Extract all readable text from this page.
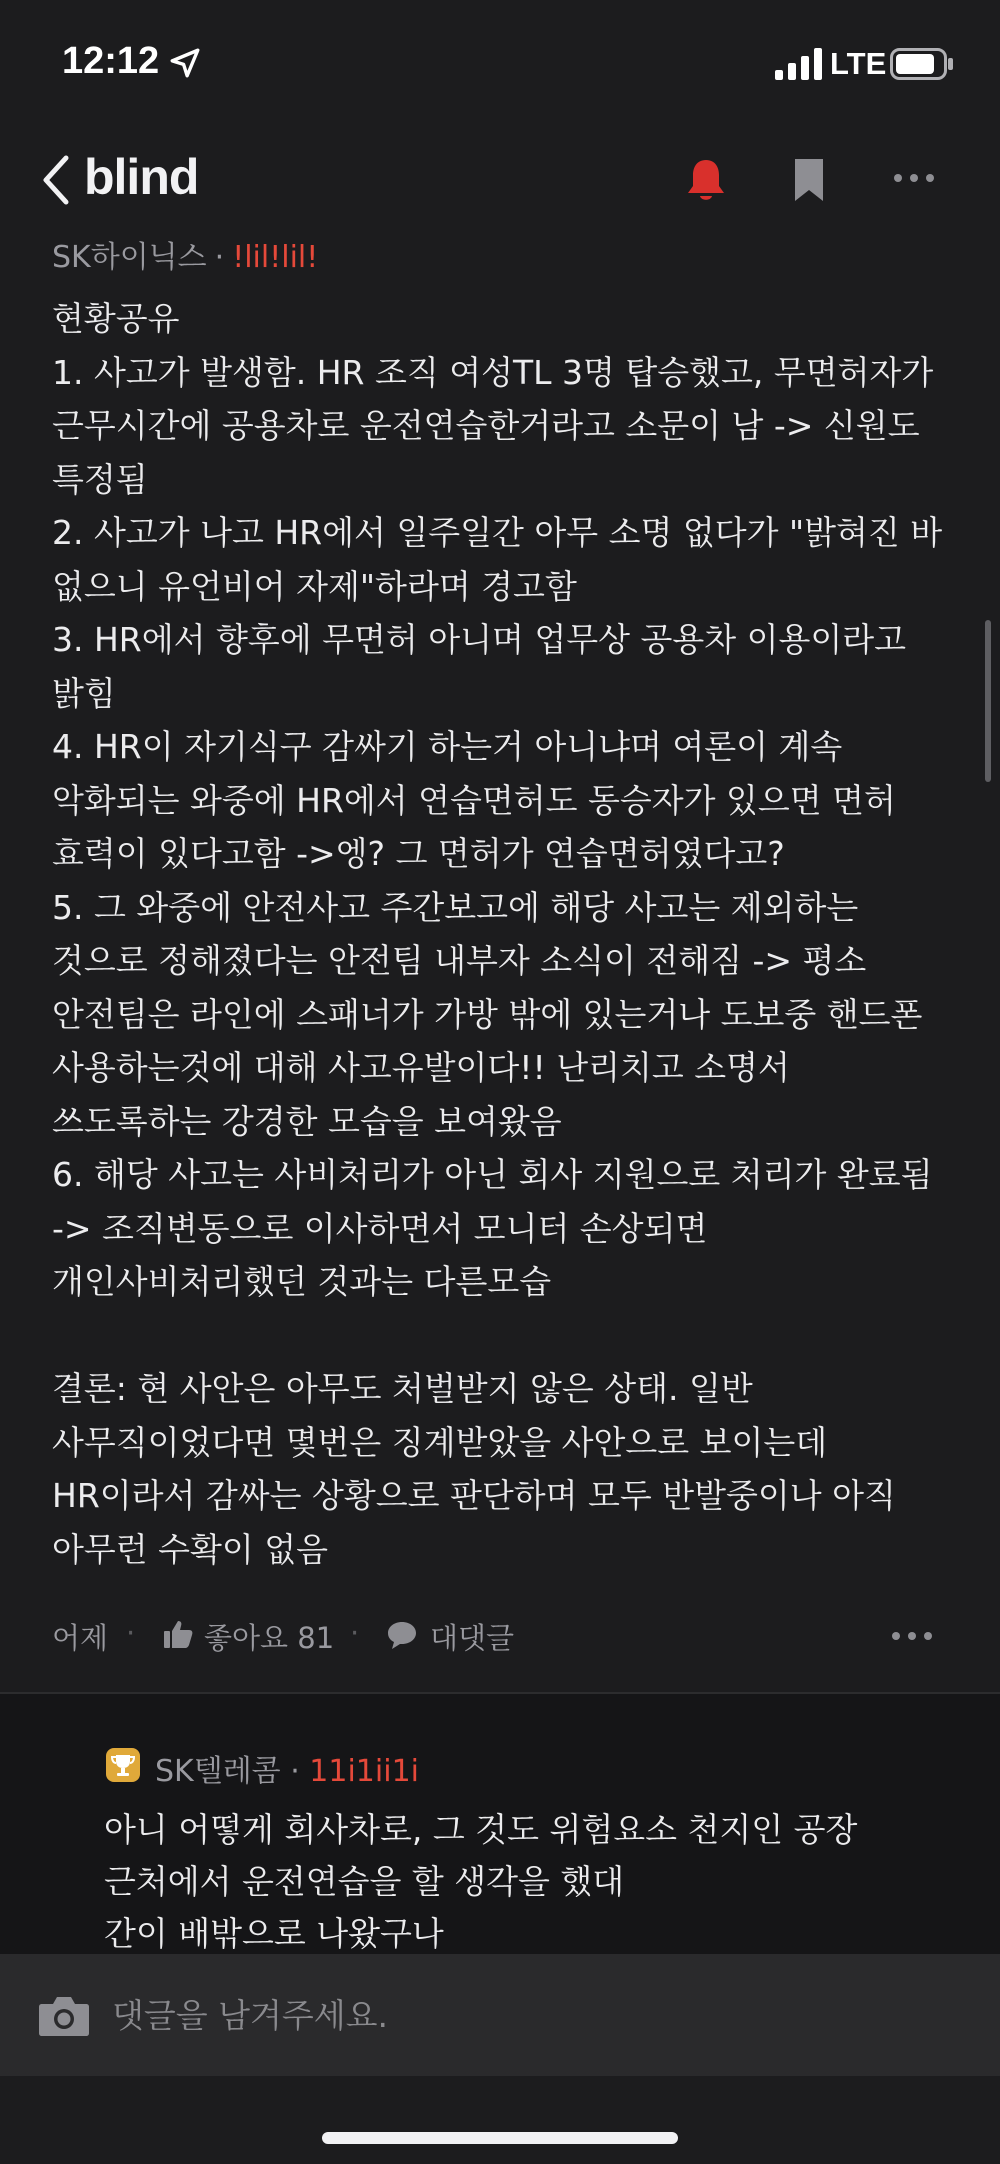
12:12	LTE
blind
SK하이닉스 · !lil!lil!
현황공유
1. 사고가 발생함. HR 조직 여성TL 3명 탑승했고, 무면허자가 근무시간에 공용차로 운전연습한거라고 소문이 남 -> 신원도 특정됨
2. 사고가 나고 HR에서 일주일간 아무 소명 없다가 "밝혀진 바 없으니 유언비어 자제"하라며 경고함
3. HR에서 향후에 무면허 아니며 업무상 공용차 이용이라고 밝힘
4. HR이 자기식구 감싸기 하는거 아니냐며 여론이 계속 악화되는 와중에 HR에서 연습면허도 동승자가 있으면 면허 효력이 있다고함 ->엥? 그 면허가 연습면허였다고?
5. 그 와중에 안전사고 주간보고에 해당 사고는 제외하는 것으로 정해졌다는 안전팀 내부자 소식이 전해짐 -> 평소 안전팀은 라인에 스패너가 가방 밖에 있는거나 도보중 핸드폰 사용하는것에 대해 사고유발이다!! 난리치고 소명서 쓰도록하는 강경한 모습을 보여왔음
6. 해당 사고는 사비처리가 아닌 회사 지원으로 처리가 완료됨 -> 조직변동으로 이사하면서 모니터 손상되면 개인사비처리했던 것과는 다른모습

결론: 현 사안은 아무도 처벌받지 않은 상태. 일반 사무직이었다면 몇번은 징계받았을 사안으로 보이는데 HR이라서 감싸는 상황으로 판단하며 모두 반발중이나 아직 아무런 수확이 없음
어제 · 좋아요 81 · 대댓글
SK텔레콤 · 11i1ii1i
아니 어떻게 회사차로, 그 것도 위험요소 천지인 공장 근처에서 운전연습을 할 생각을 했대
간이 배밖으로 나왔구나
댓글을 남겨주세요.
